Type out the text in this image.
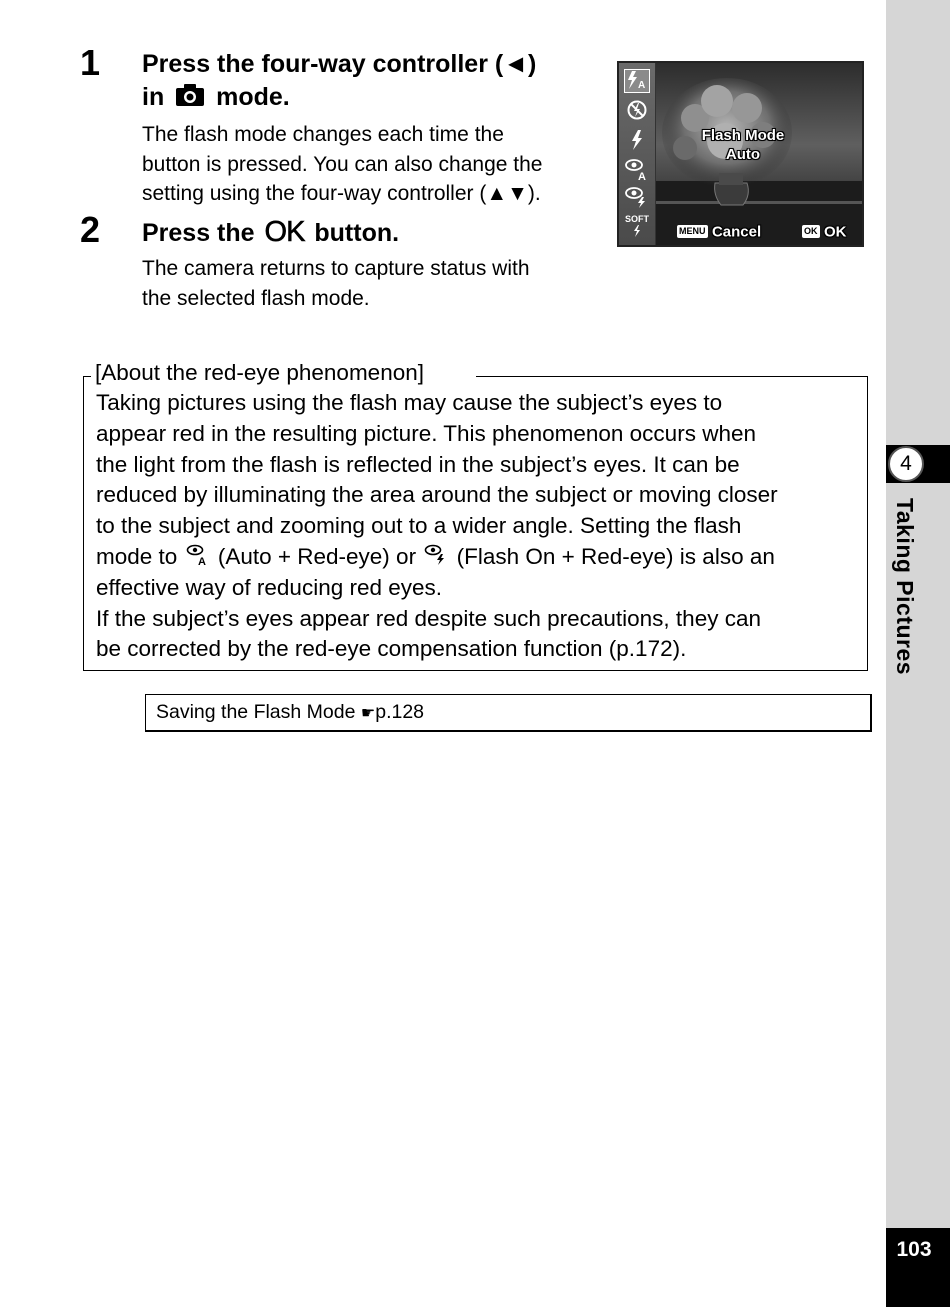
1 Press the four-way controller (◄)
in mode.
The flash mode changes each time the
button is pressed. You can also change the
setting using the four-way controller (▲▼).
2 Press the OK button.
The camera returns to capture status with
the selected flash mode.
A
A
SOFT
Flash Mode
Auto
MENU Cancel	OK OK
[About the red-eye phenomenon]
Taking pictures using the flash may cause the subject’s eyes to
appear red in the resulting picture. This phenomenon occurs when
the light from the flash is reflected in the subject’s eyes. It can be
reduced by illuminating the area around the subject or moving closer
to the subject and zooming out to a wider angle. Setting the flash
mode to A (Auto + Red-eye) or (Flash On + Red-eye) is also an
effective way of reducing red eyes.
If the subject’s eyes appear red despite such precautions, they can
be corrected by the red-eye compensation function (p.172).
Saving the Flash Mode ☛p.128
4
Taking Pictures
103
